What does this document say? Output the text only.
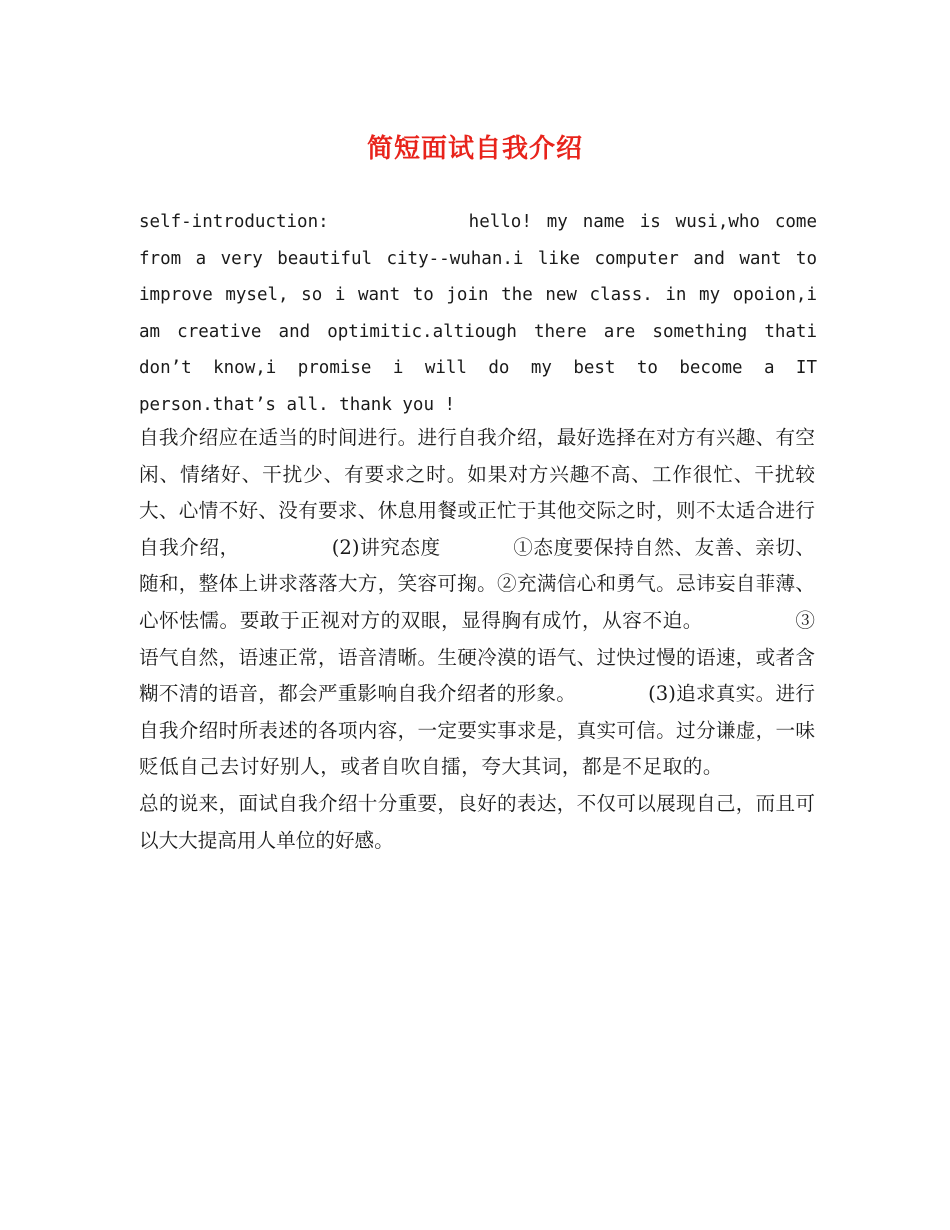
简短面试自我介绍

self-introduction:	hello! my name is wusi,who come from a very beautiful city--wuhan.i like computer and want to improve mysel, so i want to join the new class. in my opoion,i am creative and optimitic.altiough there are something thati don’t know,i promise i will do my best to become a IT person.that’s all. thank you !

自我介绍应在适当的时间进行。进行自我介绍，最好选择在对方有兴趣、有空闲、情绪好、干扰少、有要求之时。如果对方兴趣不高、工作很忙、干扰较大、心情不好、没有要求、休息用餐或正忙于其他交际之时，则不太适合进行自我介绍，	(2)讲究态度	①态度要保持自然、友善、亲切、随和，整体上讲求落落大方，笑容可掬。②充满信心和勇气。忌讳妄自菲薄、心怀怯懦。要敢于正视对方的双眼，显得胸有成竹，从容不迫。	③语气自然，语速正常，语音清晰。生硬冷漠的语气、过快过慢的语速，或者含糊不清的语音，都会严重影响自我介绍者的形象。	(3)追求真实。进行自我介绍时所表述的各项内容，一定要实事求是，真实可信。过分谦虚，一味贬低自己去讨好别人，或者自吹自擂，夸大其词，都是不足取的。总的说来，面试自我介绍十分重要，良好的表达，不仅可以展现自己，而且可以大大提高用人单位的好感。
